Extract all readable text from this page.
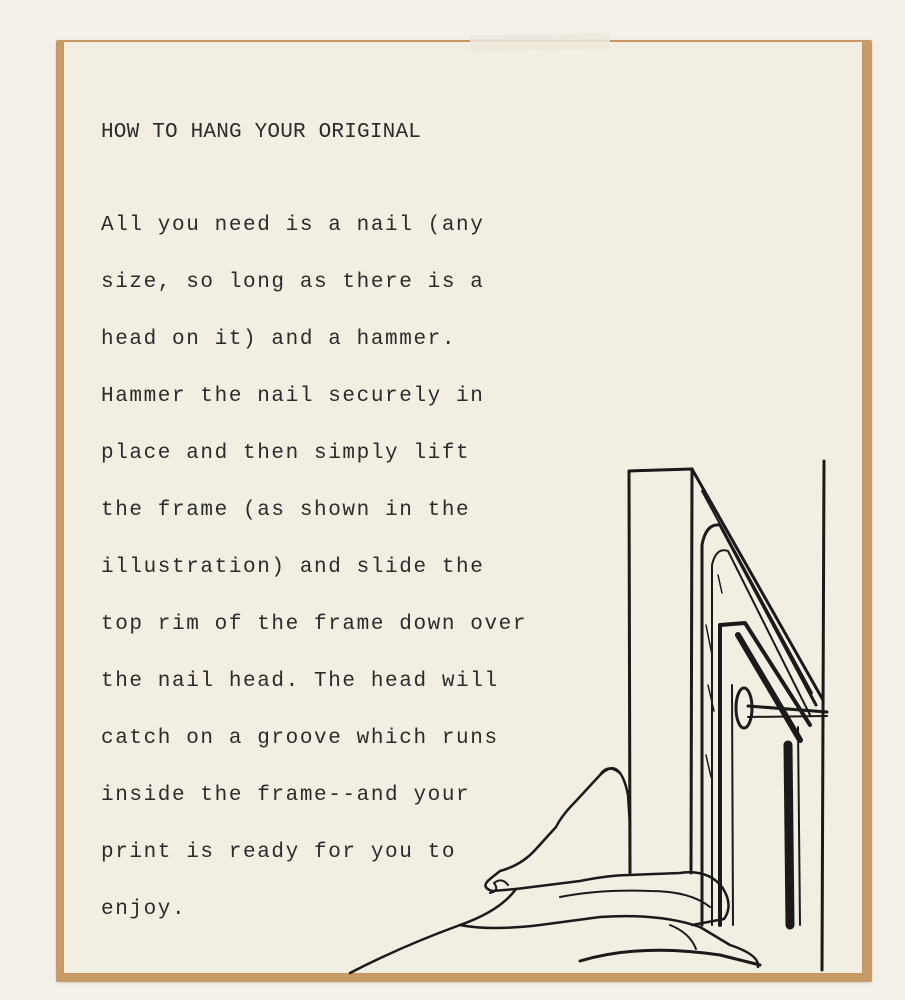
HOW TO HANG YOUR ORIGINAL
All you need is a nail (any
size, so long as there is a
head on it) and a hammer.
Hammer the nail securely in
place and then simply lift
the frame (as shown in the
illustration) and slide the
top rim of the frame down over
the nail head. The head will
catch on a groove which runs
inside the frame--and your
print is ready for you to
enjoy.
